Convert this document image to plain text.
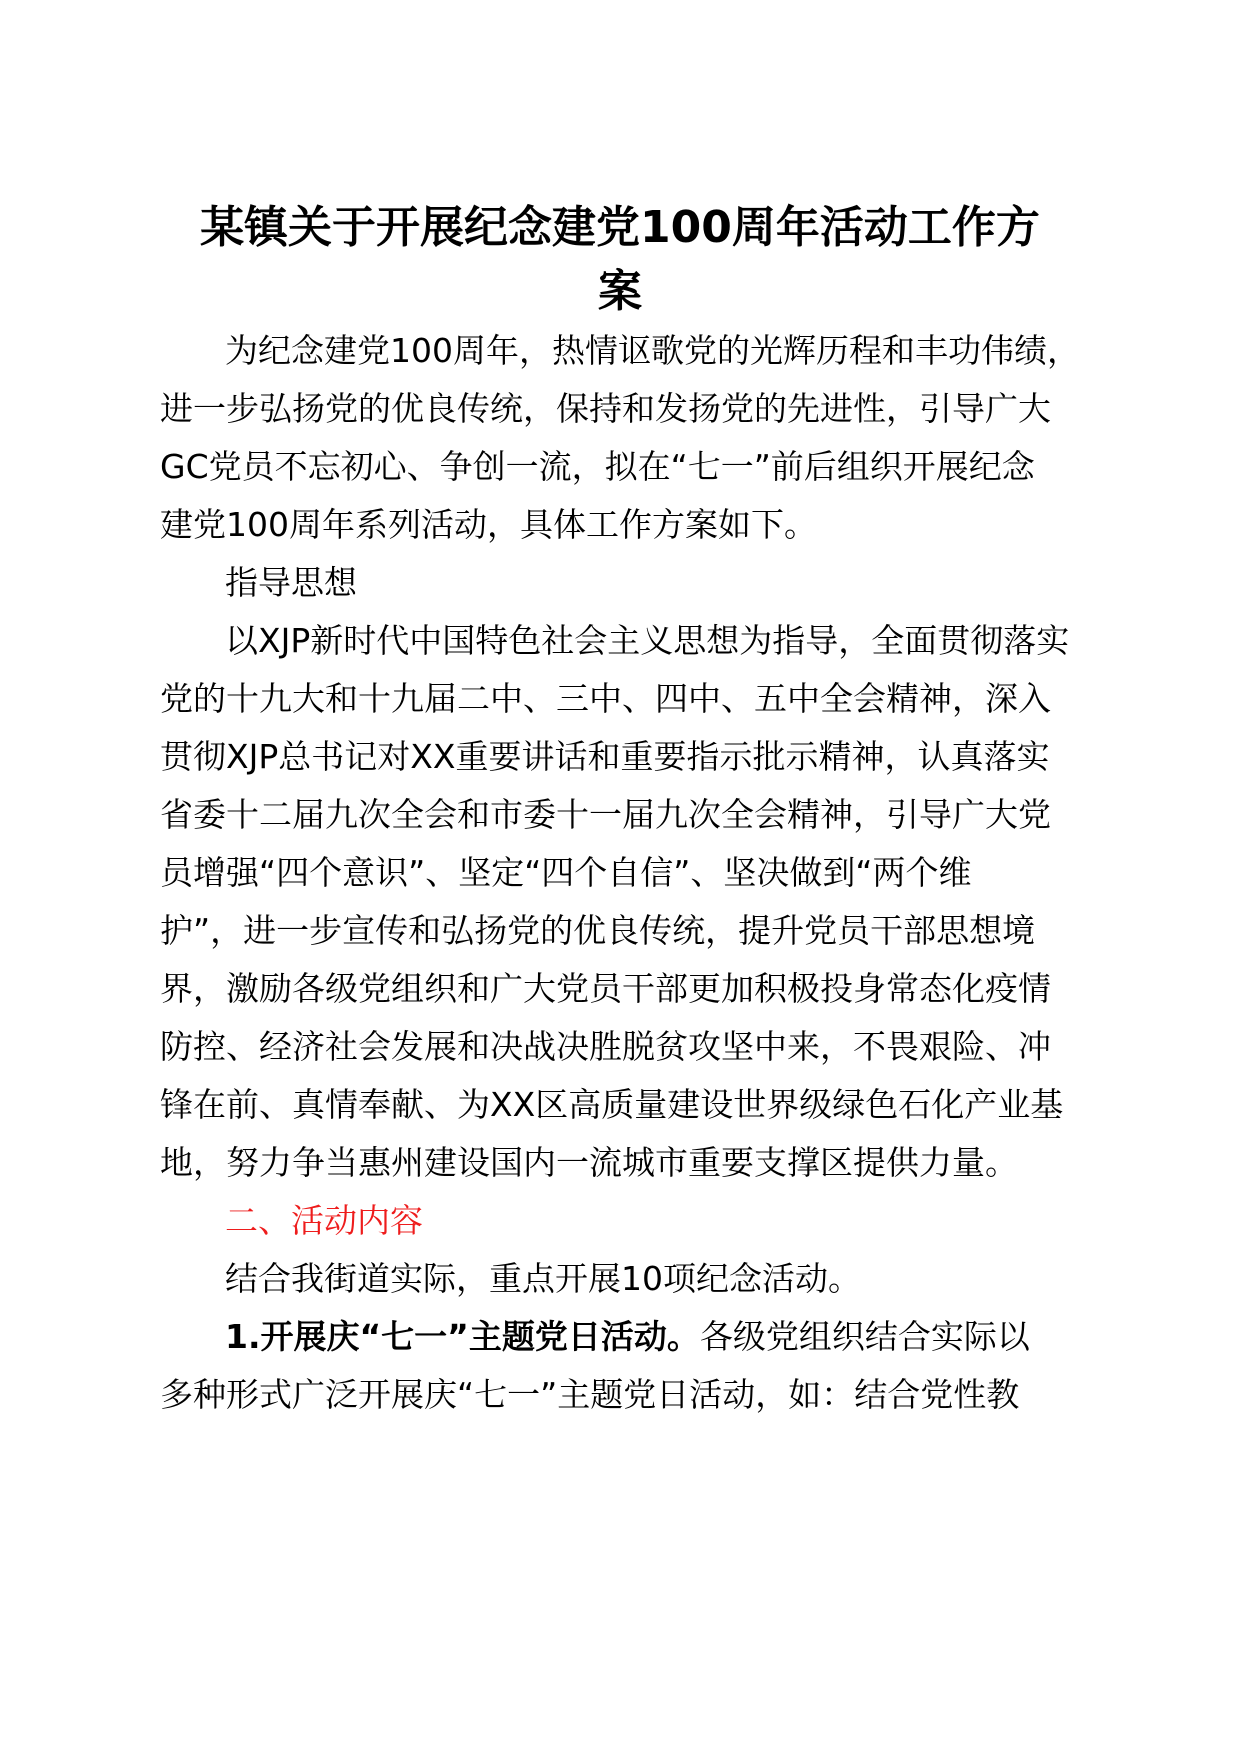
某镇关于开展纪念建党100周年活动工作方
案

为纪念建党100周年，热情讴歌党的光辉历程和丰功伟绩，

进一步弘扬党的优良传统，保持和发扬党的先进性，引导广大

GC党员不忘初心、争创一流，拟在“七一”前后组织开展纪念

建党100周年系列活动，具体工作方案如下。

指导思想

以XJP新时代中国特色社会主义思想为指导，全面贯彻落实

党的十九大和十九届二中、三中、四中、五中全会精神，深入

贯彻XJP总书记对XX重要讲话和重要指示批示精神，认真落实

省委十二届九次全会和市委十一届九次全会精神，引导广大党

员增强“四个意识”、坚定“四个自信”、坚决做到“两个维

护”，进一步宣传和弘扬党的优良传统，提升党员干部思想境

界，激励各级党组织和广大党员干部更加积极投身常态化疫情

防控、经济社会发展和决战决胜脱贫攻坚中来，不畏艰险、冲

锋在前、真情奉献、为XX区高质量建设世界级绿色石化产业基

地，努力争当惠州建设国内一流城市重要支撑区提供力量。

二、活动内容

结合我街道实际，重点开展10项纪念活动。

1.开展庆“七一”主题党日活动。各级党组织结合实际以

多种形式广泛开展庆“七一”主题党日活动，如：结合党性教
